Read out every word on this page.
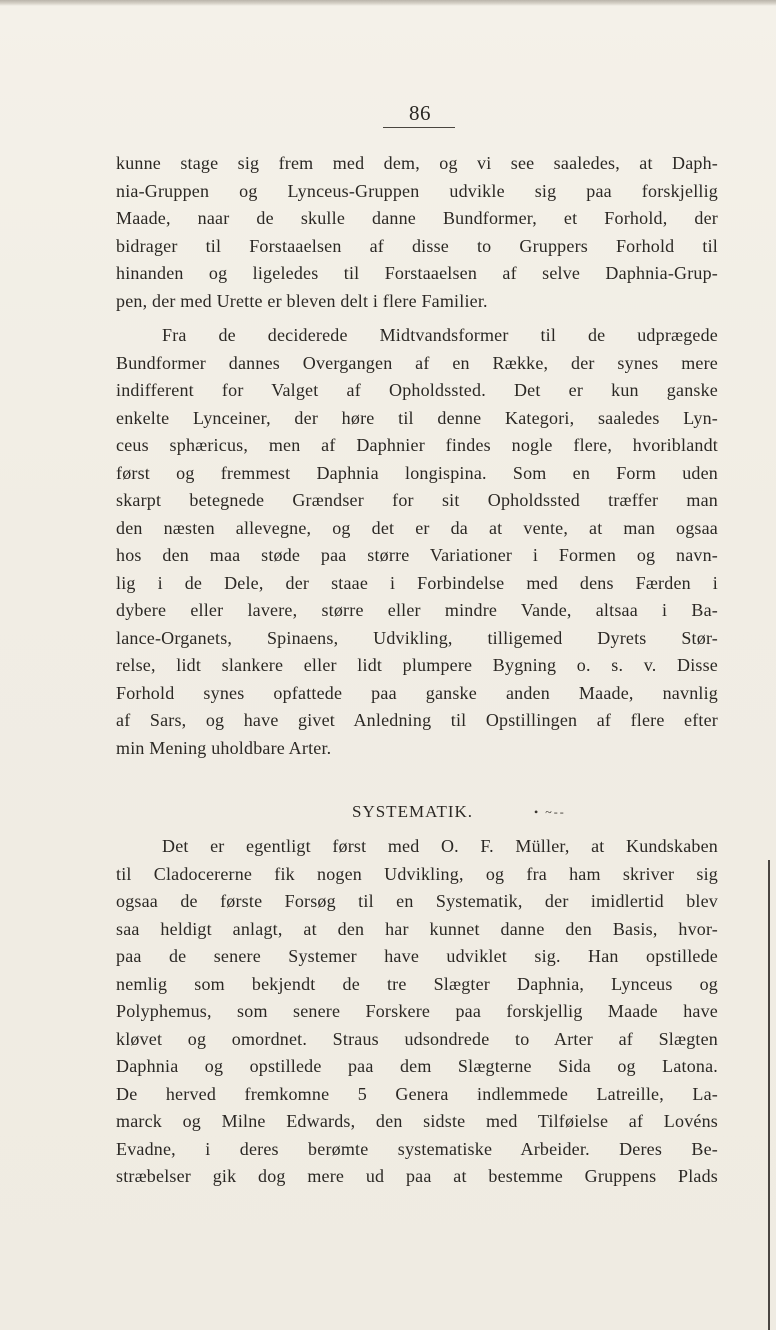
86
kunne stage sig frem med dem, og vi see saaledes, at Daph-
nia-Gruppen og Lynceus-Gruppen udvikle sig paa forskjellig
Maade, naar de skulle danne Bundformer, et Forhold, der
bidrager til Forstaaelsen af disse to Gruppers Forhold til
hinanden og ligeledes til Forstaaelsen af selve Daphnia-Grup-
pen, der med Urette er bleven delt i flere Familier.
Fra de deciderede Midtvandsformer til de udprægede
Bundformer dannes Overgangen af en Række, der synes mere
indifferent for Valget af Opholdssted. Det er kun ganske
enkelte Lynceiner, der høre til denne Kategori, saaledes Lyn-
ceus sphæricus, men af Daphnier findes nogle flere, hvoriblandt
først og fremmest Daphnia longispina. Som en Form uden
skarpt betegnede Grændser for sit Opholdssted træffer man
den næsten allevegne, og det er da at vente, at man ogsaa
hos den maa støde paa større Variationer i Formen og navn-
lig i de Dele, der staae i Forbindelse med dens Færden i
dybere eller lavere, større eller mindre Vande, altsaa i Ba-
lance-Organets, Spinaens, Udvikling, tilligemed Dyrets Stør-
relse, lidt slankere eller lidt plumpere Bygning o. s. v. Disse
Forhold synes opfattede paa ganske anden Maade, navnlig
af Sars, og have givet Anledning til Opstillingen af flere efter
min Mening uholdbare Arter.
SYSTEMATIK.	• ~‑‑
Det er egentligt først med O. F. Müller, at Kundskaben
til Cladocererne fik nogen Udvikling, og fra ham skriver sig
ogsaa de første Forsøg til en Systematik, der imidlertid blev
saa heldigt anlagt, at den har kunnet danne den Basis, hvor-
paa de senere Systemer have udviklet sig. Han opstillede
nemlig som bekjendt de tre Slægter Daphnia, Lynceus og
Polyphemus, som senere Forskere paa forskjellig Maade have
kløvet og omordnet. Straus udsondrede to Arter af Slægten
Daphnia og opstillede paa dem Slægterne Sida og Latona.
De herved fremkomne 5 Genera indlemmede Latreille, La-
marck og Milne Edwards, den sidste med Tilføielse af Lovéns
Evadne, i deres berømte systematiske Arbeider. Deres Be-
stræbelser gik dog mere ud paa at bestemme Gruppens Plads
